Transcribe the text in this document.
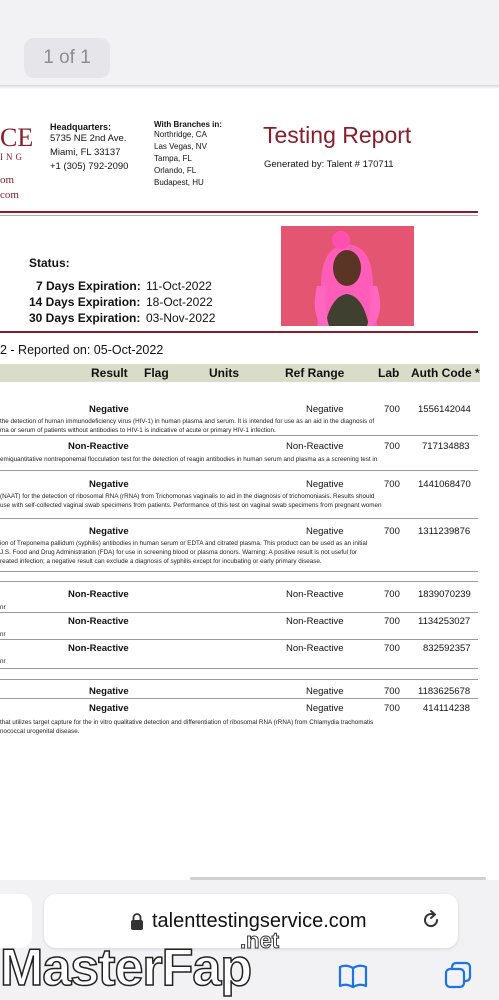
1 of 1
CE
ING
om
com
Headquarters:
5735 NE 2nd Ave.
Miami, FL 33137
+1 (305) 792-2090
With Branches in:
Northridge, CA
Las Vegas, NV
Tampa, FL
Orlando, FL
Budapest, HU
Testing Report
Generated by: Talent # 170711
Status:
7 Days Expiration: 11-Oct-2022
14 Days Expiration: 18-Oct-2022
30 Days Expiration: 03-Nov-2022
2 - Reported on: 05-Oct-2022
Result Flag	Units	Ref Range	Lab Auth Code *
Negative	Negative	700 1556142044
the detection of human immunodeficiency virus (HIV-1) in human plasma and serum. It is intended for use as an aid in the diagnosis of
ma or serum of patients without antibodies to HIV-1 is indicative of acute or primary HIV-1 infection.
Non-Reactive	Non-Reactive	700 717134883
emiquantitative nontreponemal flocculation test for the detection of reagin antibodies in human serum and plasma as a screening test in
Negative	Negative	700 1441068470
(NAAT) for the detection of ribosomal RNA (rRNA) from Trichomonas vaginalis to aid in the diagnosis of trichomoniasis. Results should
use with self-collected vaginal swab specimens from patients. Performance of this test on vaginal swab specimens from pregnant women
Negative	Negative	700 1311239876
ion of Treponema pallidum (syphilis) antibodies in human serum or EDTA and citrated plasma. This product can be used as an initial
J.S. Food and Drug Administration (FDA) for use in screening blood or plasma donors. Warning: A positive result is not useful for
reated infection; a negative result can exclude a diagnosis of syphilis except for incubating or early primary disease.
Non-Reactive	Non-Reactive	700 1839070239
nr
Non-Reactive	Non-Reactive	700 1134253027
nr
Non-Reactive	Non-Reactive	700 832592357
nr
Negative	Negative	700 1183625678
Negative	Negative	700 414114238
that utilizes target capture for the in vitro qualitative detection and differentiation of ribosomal RNA (rRNA) from Chlamydia trachomatis
nococcal urogenital disease.
talenttestingservice.com
MasterFap
.net
